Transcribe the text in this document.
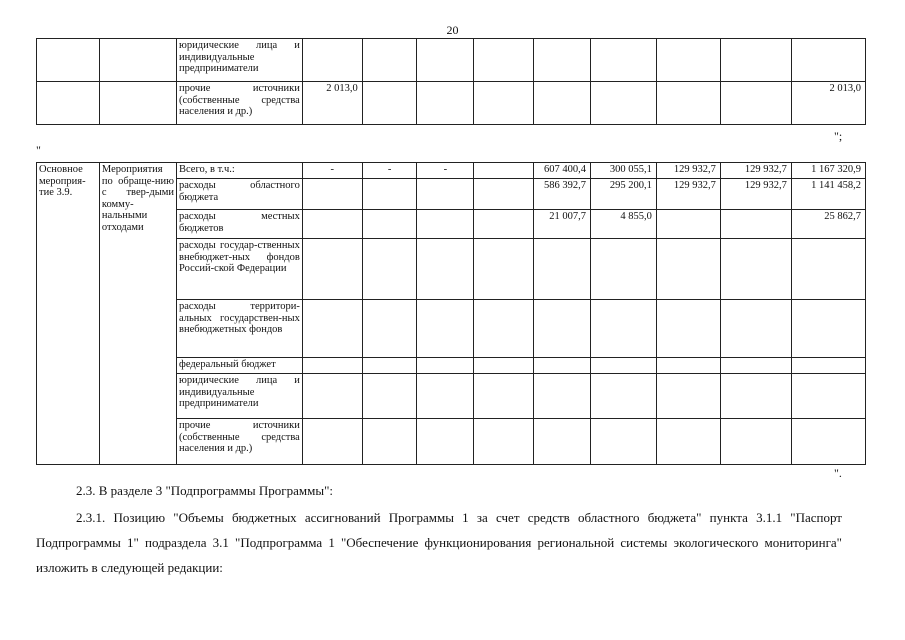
20

		юридические лица и индивидуальные предприниматели									

		прочие источники (собственные средства населения и др.)	2 013,0								2 013,0
";
"
Основное мероприя-тие 3.9.	Мероприятия по обраще-нию с твер-дыми комму-нальными отходами	Всего, в т.ч.:	-	-	-		607 400,4	300 055,1	129 932,7	129 932,7	1 167 320,9

		расходы областного бюджета					586 392,7	295 200,1	129 932,7	129 932,7	1 141 458,2

		расходы местных бюджетов					21 007,7	4 855,0			25 862,7

		расходы государ-ственных внебюджет-ных фондов Россий-ской Федерации									

		расходы территори-альных государствен-ных внебюджетных фондов									

		федеральный бюджет									

		юридические лица и индивидуальные предприниматели									

		прочие источники (собственные средства населения и др.)									

".
2.3. В разделе 3 "Подпрограммы Программы":
2.3.1. Позицию "Объемы бюджетных ассигнований Программы 1 за счет средств областного бюджета" пункта 3.1.1 "Паспорт Подпрограммы 1" подраздела 3.1 "Подпрограмма 1 "Обеспечение функционирования региональной системы экологического мониторинга" изложить в следующей редакции:
